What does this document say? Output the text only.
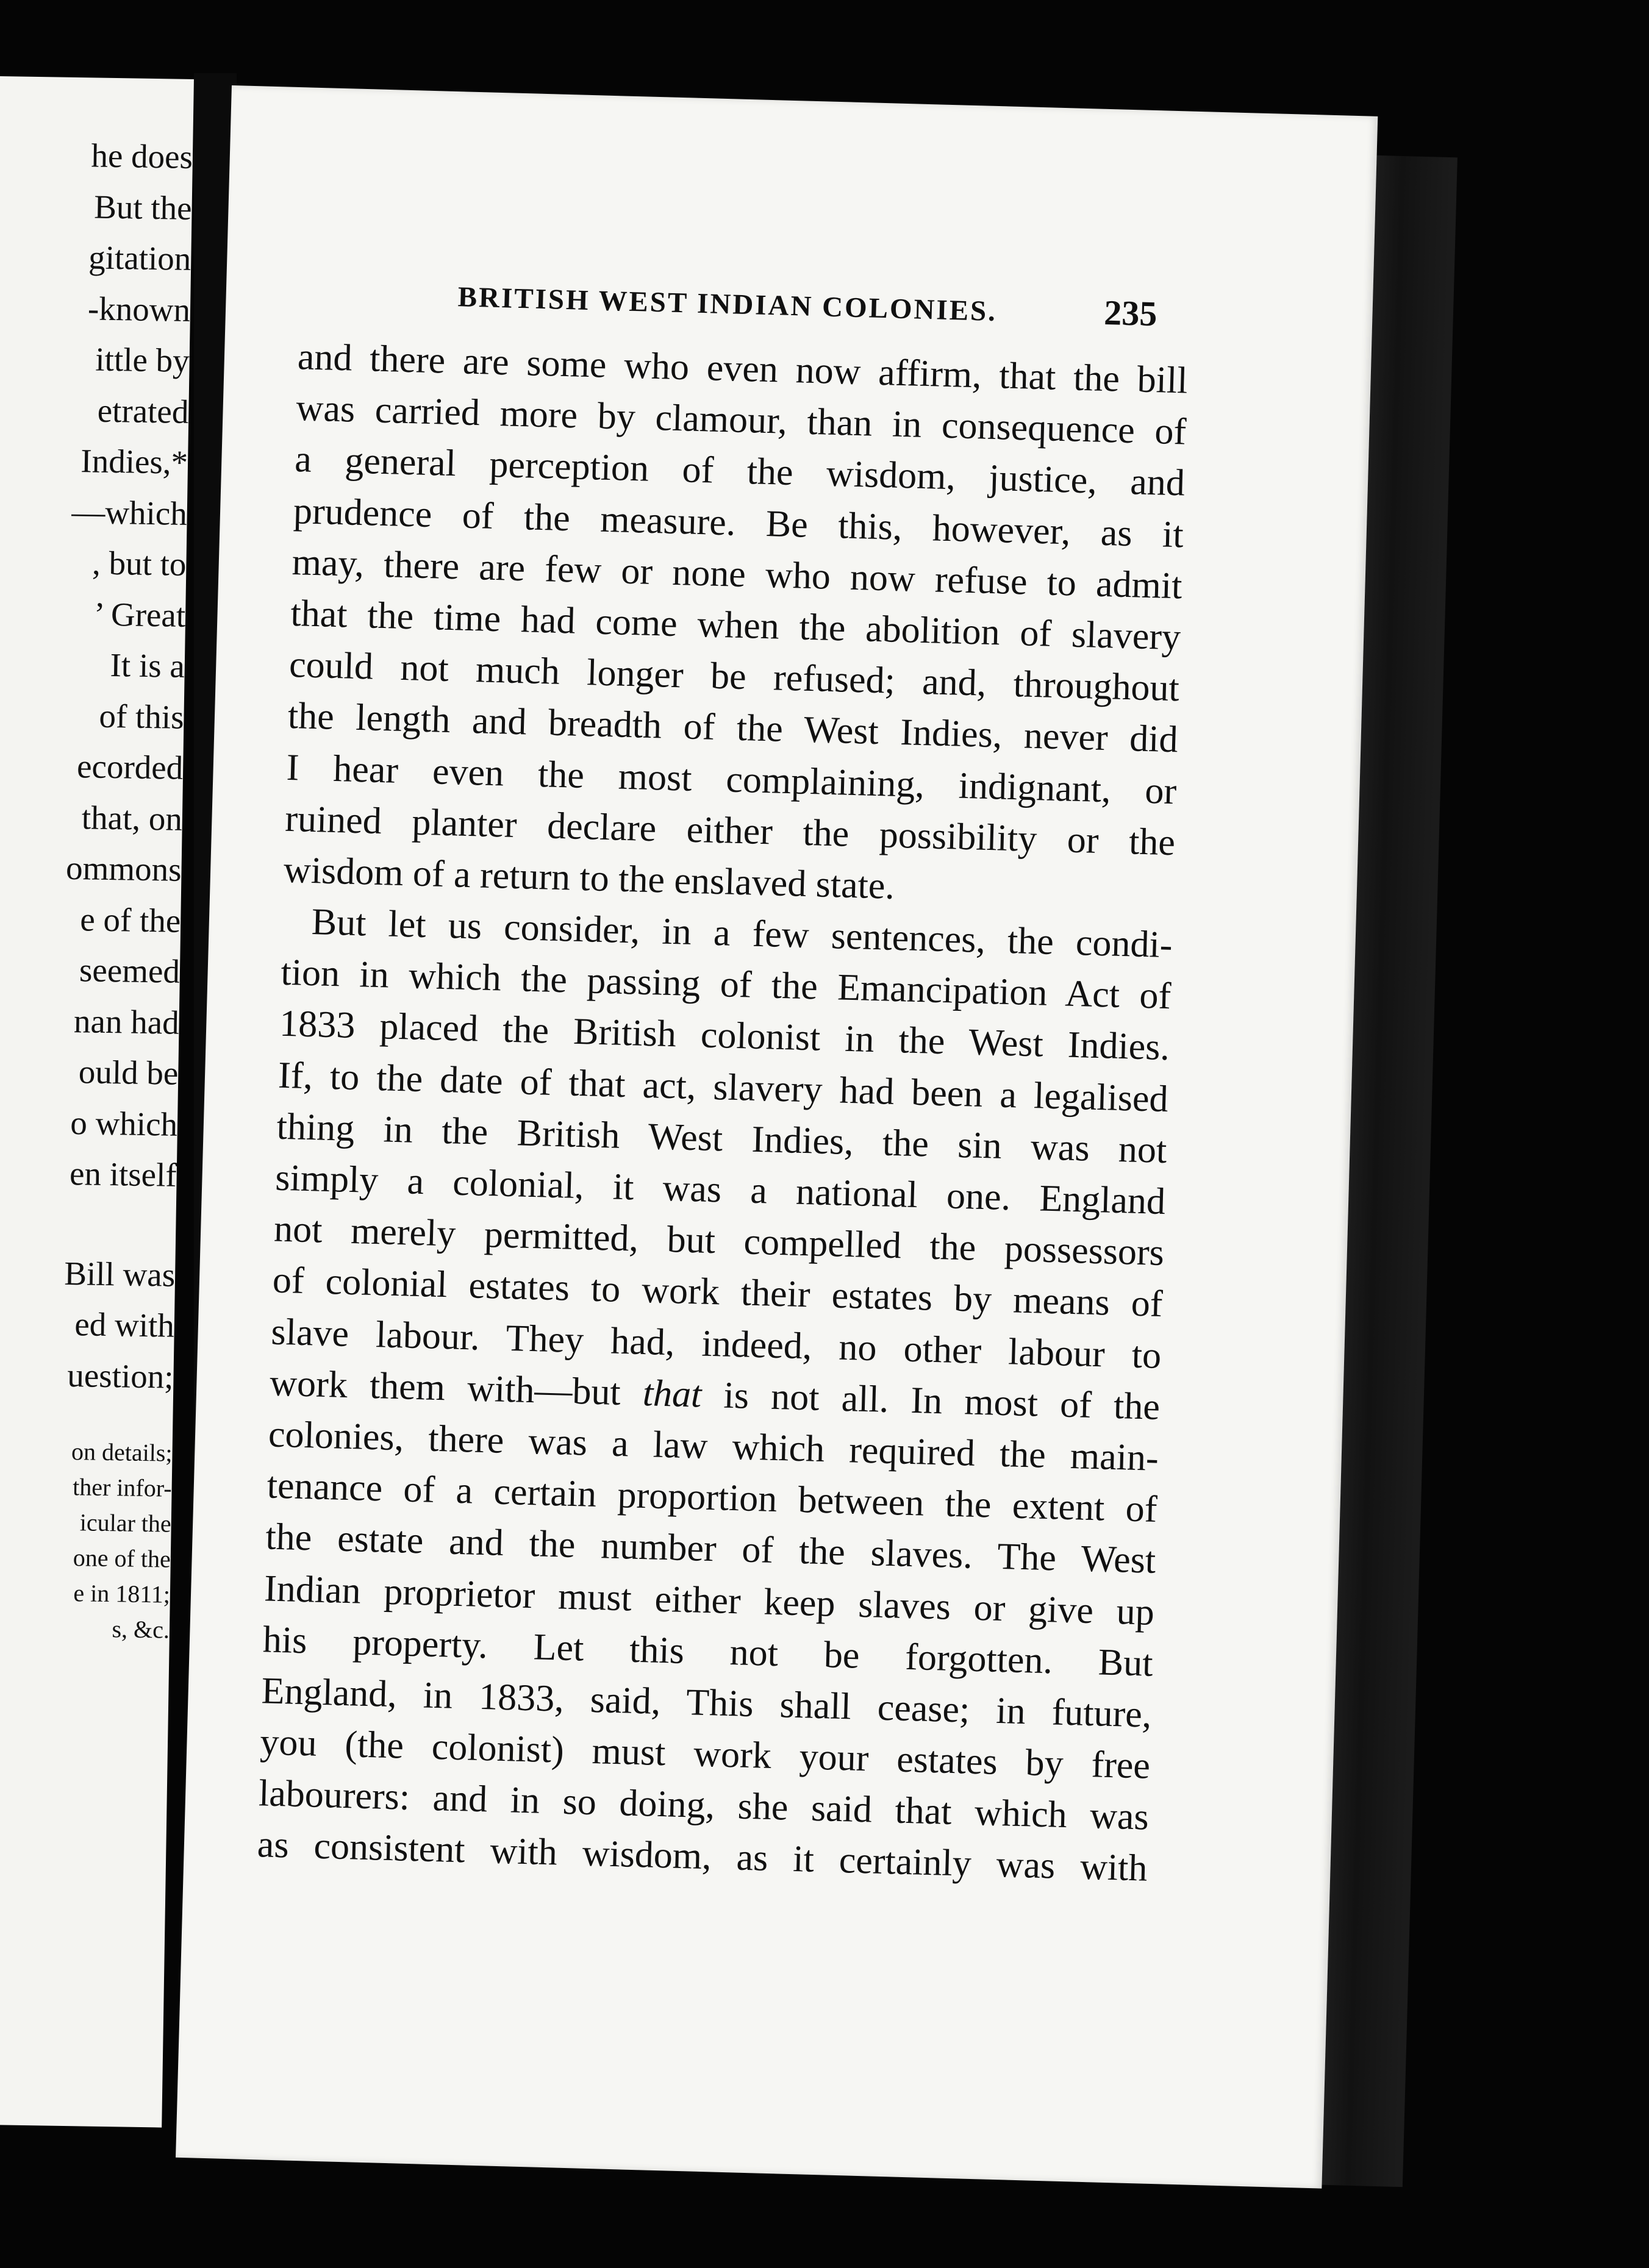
he does
But the
gitation
-known
ittle by
etrated
Indies,*
—which
, but to
’ Great
It is a
of this
ecorded
that, on
ommons
e of the
seemed
nan had
ould be
o which
en itself
Bill was
ed with
uestion;
on details;
ther infor-
icular the
one of the
e in 1811;
s, &c.
BRITISH WEST INDIAN COLONIES.	235
and there are some who even now affirm, that the bill
was carried more by clamour, than in consequence of
a general perception of the wisdom, justice, and
prudence of the measure. Be this, however, as it
may, there are few or none who now refuse to admit
that the time had come when the abolition of slavery
could not much longer be refused; and, throughout
the length and breadth of the West Indies, never did
I hear even the most complaining, indignant, or
ruined planter declare either the possibility or the
wisdom of a return to the enslaved state.
But let us consider, in a few sentences, the condi-
tion in which the passing of the Emancipation Act of
1833 placed the British colonist in the West Indies.
If, to the date of that act, slavery had been a legalised
thing in the British West Indies, the sin was not
simply a colonial, it was a national one. England
not merely permitted, but compelled the possessors
of colonial estates to work their estates by means of
slave labour. They had, indeed, no other labour to
work them with—but that is not all. In most of the
colonies, there was a law which required the main-
tenance of a certain proportion between the extent of
the estate and the number of the slaves. The West
Indian proprietor must either keep slaves or give up
his property. Let this not be forgotten. But
England, in 1833, said, This shall cease; in future,
you (the colonist) must work your estates by free
labourers: and in so doing, she said that which was
as consistent with wisdom, as it certainly was with
